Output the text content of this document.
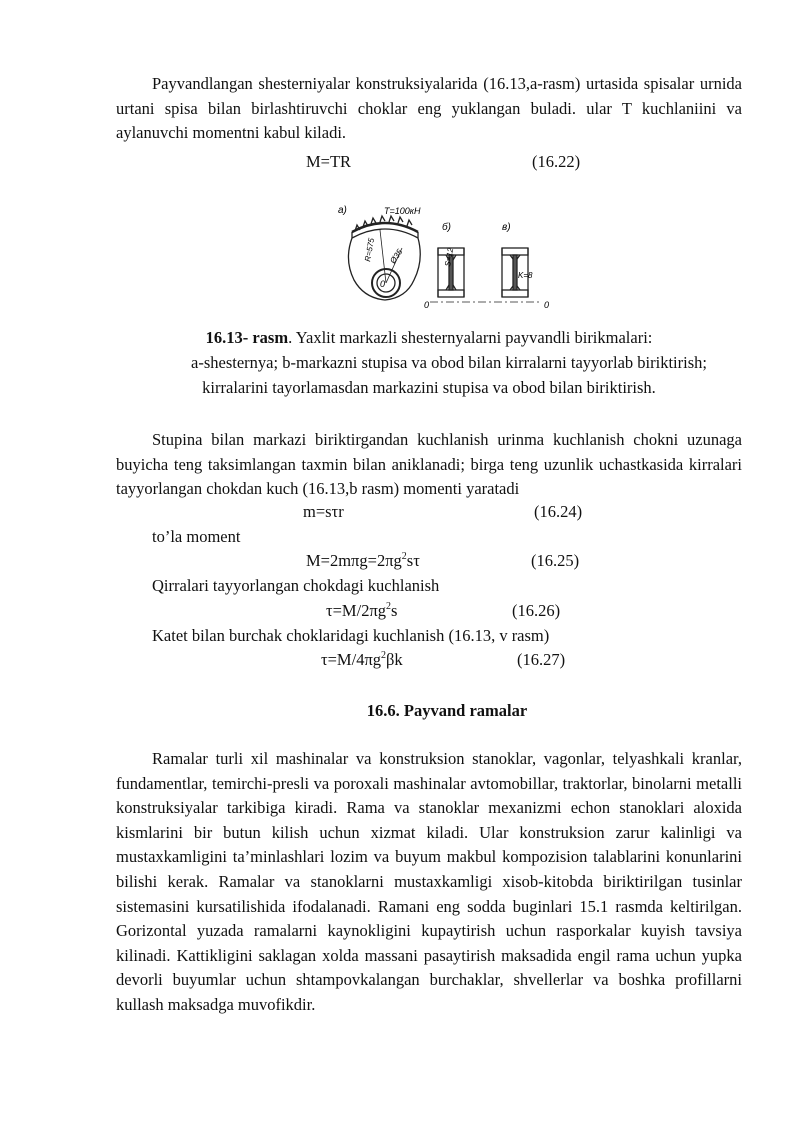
Payvandlangan shesterniyalar konstruksiyalarida (16.13,a-rasm) urtasida spisalar urnida urtani spisa bilan birlashtiruvchi choklar eng yuklangan buladi. ular T kuchlaniini va aylanuvchi momentni kabul kiladi.

M=TR	(16.22)
a)	T=100кН
R=575 Ø35
0
б)
S=12
в)
K=8
0	0
16.13- rasm. Yaxlit markazli shesternyalarni payvandli birikmalari:
a-shesternya; b-markazni stupisa va obod bilan kirralarni tayyorlab biriktirish;
kirralarini tayorlamasdan markazini stupisa va obod bilan biriktirish.

Stupina bilan markazi biriktirgandan kuchlanish urinma kuchlanish chokni uzunaga buyicha teng taksimlangan taxmin bilan aniklanadi; birga teng uzunlik uchastkasida kirralari tayyorlangan chokdan kuch (16.13,b rasm) momenti yaratadi

m=sτr	(16.24)
to’la moment
$M=2m\pi g=2\pi g^2s\tau$	(16.25)
Qirralari tayyorlangan chokdagi kuchlanish
$\tau=M/2\pi g^2s$	(16.26)
Katet bilan burchak choklaridagi kuchlanish (16.13, v rasm)
$\tau=M/4\pi g^2\beta k$	(16.27)
16.6. Payvand ramalar

Ramalar turli xil mashinalar va konstruksion stanoklar, vagonlar, telyashkali kranlar, fundamentlar, temirchi-presli va poroxali mashinalar avtomobillar, traktorlar, binolarni metalli konstruksiyalar tarkibiga kiradi. Rama va stanoklar mexanizmi echon stanoklari aloxida kismlarini bir butun kilish uchun xizmat kiladi. Ular konstruksion zarur kalinligi va mustaxkamligini ta’minlashlari lozim va buyum makbul kompozision talablarini konunlarini bilishi kerak. Ramalar va stanoklarni mustaxkamligi xisob-kitobda biriktirilgan tusinlar sistemasini kursatilishida ifodalanadi. Ramani eng sodda buginlari 15.1 rasmda keltirilgan. Gorizontal yuzada ramalarni kaynokligini kupaytirish uchun rasporkalar kuyish tavsiya kilinadi. Kattikligini saklagan xolda massani pasaytirish maksadida engil rama uchun yupka devorli buyumlar uchun shtampovkalangan burchaklar, shvellerlar va boshka profillarni kullash maksadga muvofikdir.
